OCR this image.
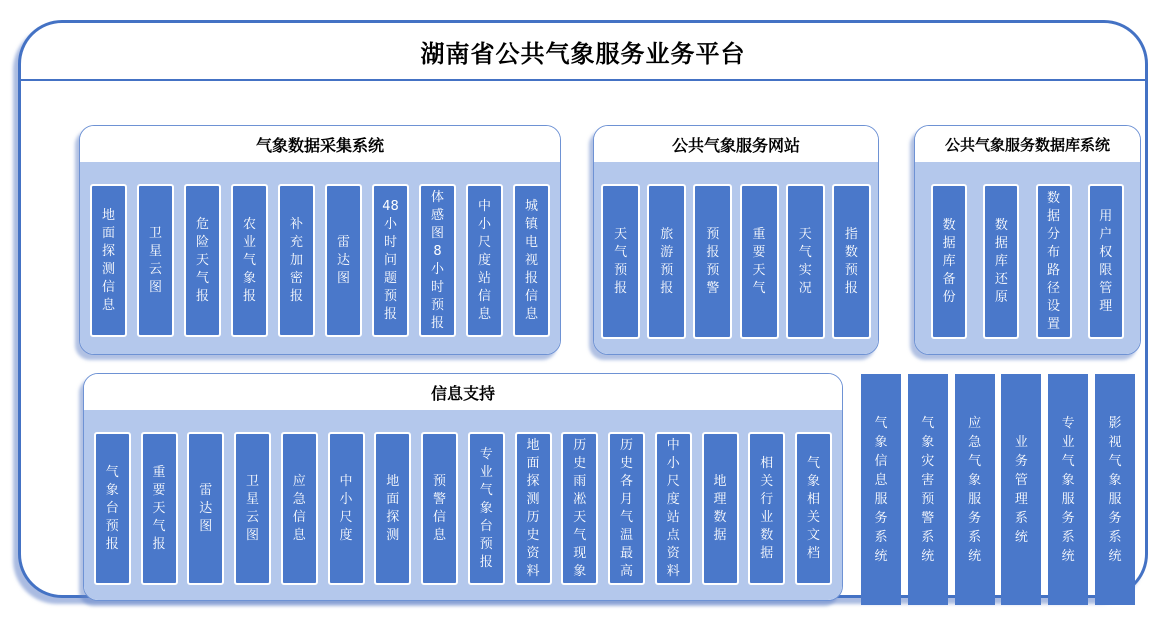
湖南省公共气象服务业务平台
气象数据采集系统
地
面
探
测
信
息
卫
星
云
图
危
险
天
气
报
农
业
气
象
报
补
充
加
密
报
雷
达
图
48
小
时
问
题
预
报
体
感
图
8
小
时
预
报
中
小
尺
度
站
信
息
城
镇
电
视
报
信
息
公共气象服务网站
天
气
预
报
旅
游
预
报
预
报
预
警
重
要
天
气
天
气
实
况
指
数
预
报
公共气象服务数据库系统
数
据
库
备
份
数
据
库
还
原
数
据
分
布
路
径
设
置
用
户
权
限
管
理
信息支持
气
象
台
预
报
重
要
天
气
报
雷
达
图
卫
星
云
图
应
急
信
息
中
小
尺
度
地
面
探
测
预
警
信
息
专
业
气
象
台
预
报
地
面
探
测
历
史
资
料
历
史
雨
凇
天
气
现
象
历
史
各
月
气
温
最
高
中
小
尺
度
站
点
资
料
地
理
数
据
相
关
行
业
数
据
气
象
相
关
文
档
气
象
信
息
服
务
系
统
气
象
灾
害
预
警
系
统
应
急
气
象
服
务
系
统
业
务
管
理
系
统
专
业
气
象
服
务
系
统
影
视
气
象
服
务
系
统
